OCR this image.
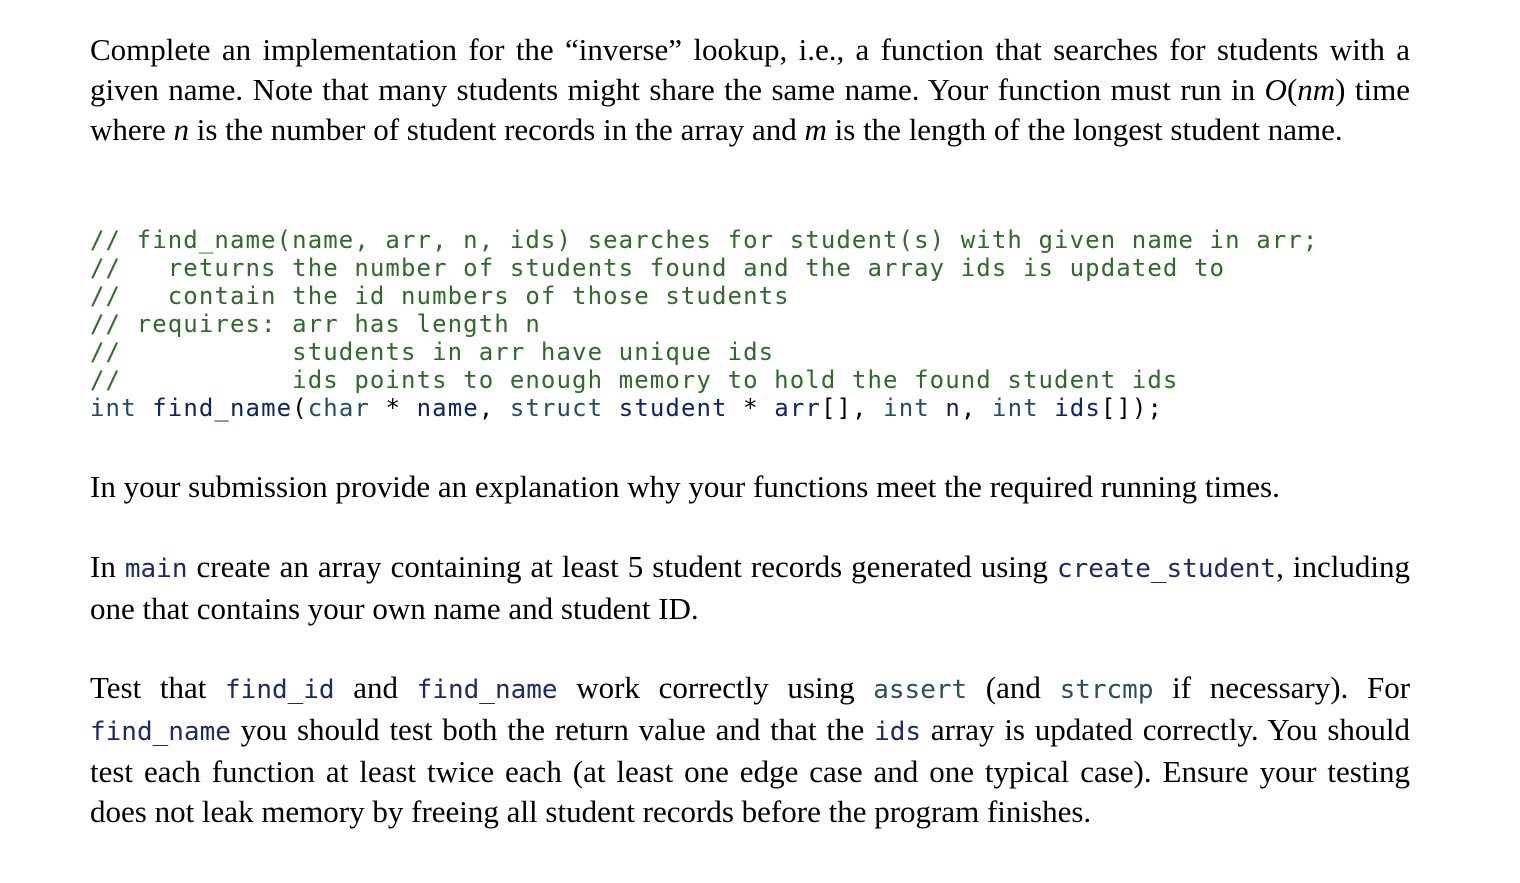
Complete an implementation for the “inverse” lookup, i.e., a function that searches for students with a given name. Note that many students might share the same name. Your function must run in O(nm) time where n is the number of student records in the array and m is the length of the longest student name.

// find_name(name, arr, n, ids) searches for student(s) with given name in arr;
//   returns the number of students found and the array ids is updated to
//   contain the id numbers of those students
// requires: arr has length n
//           students in arr have unique ids
//           ids points to enough memory to hold the found student ids
int find_name(char * name, struct student * arr[], int n, int ids[]);

In your submission provide an explanation why your functions meet the required running times.

In main create an array containing at least 5 student records generated using create_student, including one that contains your own name and student ID.

Test that find_id and find_name work correctly using assert (and strcmp if necessary). For find_name you should test both the return value and that the ids array is updated correctly. You should test each function at least twice each (at least one edge case and one typical case). Ensure your testing does not leak memory by freeing all student records before the program finishes.
